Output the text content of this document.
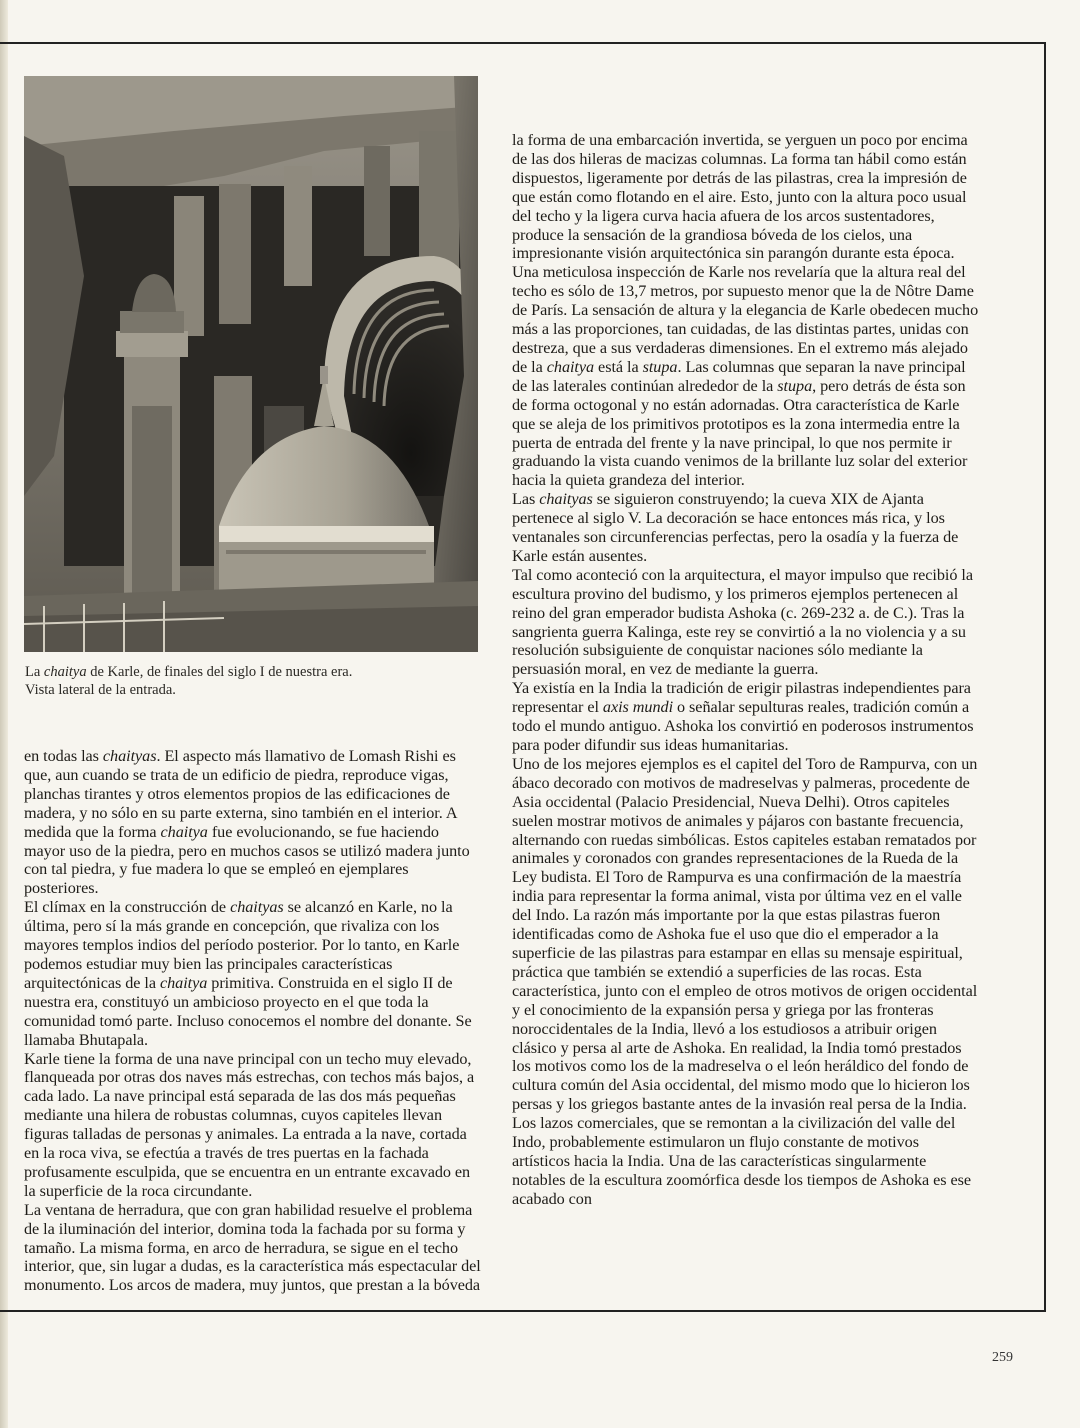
La chaitya de Karle, de finales del siglo I de nuestra era.
Vista lateral de la entrada.

en todas las chaityas. El aspecto más llamativo de Lomash Rishi es que, aun cuando se trata de un edificio de piedra, reproduce vigas, planchas tirantes y otros elementos propios de las edificaciones de madera, y no sólo en su parte externa, sino también en el interior. A medida que la forma chaitya fue evolucionando, se fue haciendo mayor uso de la piedra, pero en muchos casos se utilizó madera junto con tal piedra, y fue madera lo que se empleó en ejemplares posteriores.

El clímax en la construcción de chaityas se alcanzó en Karle, no la última, pero sí la más grande en concepción, que rivaliza con los mayores templos indios del período posterior. Por lo tanto, en Karle podemos estudiar muy bien las principales características arquitectónicas de la chaitya primitiva. Construida en el siglo II de nuestra era, constituyó un ambicioso proyecto en el que toda la comunidad tomó parte. Incluso conocemos el nombre del donante. Se llamaba Bhutapala.

Karle tiene la forma de una nave principal con un techo muy elevado, flanqueada por otras dos naves más estrechas, con techos más bajos, a cada lado. La nave principal está separada de las dos más pequeñas mediante una hilera de robustas columnas, cuyos capiteles llevan figuras talladas de personas y animales. La entrada a la nave, cortada en la roca viva, se efectúa a través de tres puertas en la fachada profusamente esculpida, que se encuentra en un entrante excavado en la superficie de la roca circundante.

La ventana de herradura, que con gran habilidad resuelve el problema de la iluminación del interior, domina toda la fachada por su forma y tamaño. La misma forma, en arco de herradura, se sigue en el techo interior, que, sin lugar a dudas, es la característica más espectacular del monumento. Los arcos de madera, muy juntos, que prestan a la bóveda

la forma de una embarcación invertida, se yerguen un poco por encima de las dos hileras de macizas columnas. La forma tan hábil como están dispuestos, ligeramente por detrás de las pilastras, crea la impresión de que están como flotando en el aire. Esto, junto con la altura poco usual del techo y la ligera curva hacia afuera de los arcos sustentadores, produce la sensación de la grandiosa bóveda de los cielos, una impresionante visión arquitectónica sin parangón durante esta época. Una meticulosa inspección de Karle nos revelaría que la altura real del techo es sólo de 13,7 metros, por supuesto menor que la de Nôtre Dame de París. La sensación de altura y la elegancia de Karle obedecen mucho más a las proporciones, tan cuidadas, de las distintas partes, unidas con destreza, que a sus verdaderas dimensiones. En el extremo más alejado de la chaitya está la stupa. Las columnas que separan la nave principal de las laterales continúan alrededor de la stupa, pero detrás de ésta son de forma octogonal y no están adornadas. Otra característica de Karle que se aleja de los primitivos prototipos es la zona intermedia entre la puerta de entrada del frente y la nave principal, lo que nos permite ir graduando la vista cuando venimos de la brillante luz solar del exterior hacia la quieta grandeza del interior.

Las chaityas se siguieron construyendo; la cueva XIX de Ajanta pertenece al siglo V. La decoración se hace entonces más rica, y los ventanales son circunferencias perfectas, pero la osadía y la fuerza de Karle están ausentes.

Tal como aconteció con la arquitectura, el mayor impulso que recibió la escultura provino del budismo, y los primeros ejemplos pertenecen al reino del gran emperador budista Ashoka (c. 269-232 a. de C.). Tras la sangrienta guerra Kalinga, este rey se convirtió a la no violencia y a su resolución subsiguiente de conquistar naciones sólo mediante la persuasión moral, en vez de mediante la guerra.

Ya existía en la India la tradición de erigir pilastras independientes para representar el axis mundi o señalar sepulturas reales, tradición común a todo el mundo antiguo. Ashoka los convirtió en poderosos instrumentos para poder difundir sus ideas humanitarias.

Uno de los mejores ejemplos es el capitel del Toro de Rampurva, con un ábaco decorado con motivos de madreselvas y palmeras, procedente de Asia occidental (Palacio Presidencial, Nueva Delhi). Otros capiteles suelen mostrar motivos de animales y pájaros con bastante frecuencia, alternando con ruedas simbólicas. Estos capiteles estaban rematados por animales y coronados con grandes representaciones de la Rueda de la Ley budista. El Toro de Rampurva es una confirmación de la maestría india para representar la forma animal, vista por última vez en el valle del Indo. La razón más importante por la que estas pilastras fueron identificadas como de Ashoka fue el uso que dio el emperador a la superficie de las pilastras para estampar en ellas su mensaje espiritual, práctica que también se extendió a superficies de las rocas. Esta característica, junto con el empleo de otros motivos de origen occidental y el conocimiento de la expansión persa y griega por las fronteras noroccidentales de la India, llevó a los estudiosos a atribuir origen clásico y persa al arte de Ashoka. En realidad, la India tomó prestados los motivos como los de la madreselva o el león heráldico del fondo de cultura común del Asia occidental, del mismo modo que lo hicieron los persas y los griegos bastante antes de la invasión real persa de la India. Los lazos comerciales, que se remontan a la civilización del valle del Indo, probablemente estimularon un flujo constante de motivos artísticos hacia la India. Una de las características singularmente notables de la escultura zoomórfica desde los tiempos de Ashoka es ese acabado con

259
